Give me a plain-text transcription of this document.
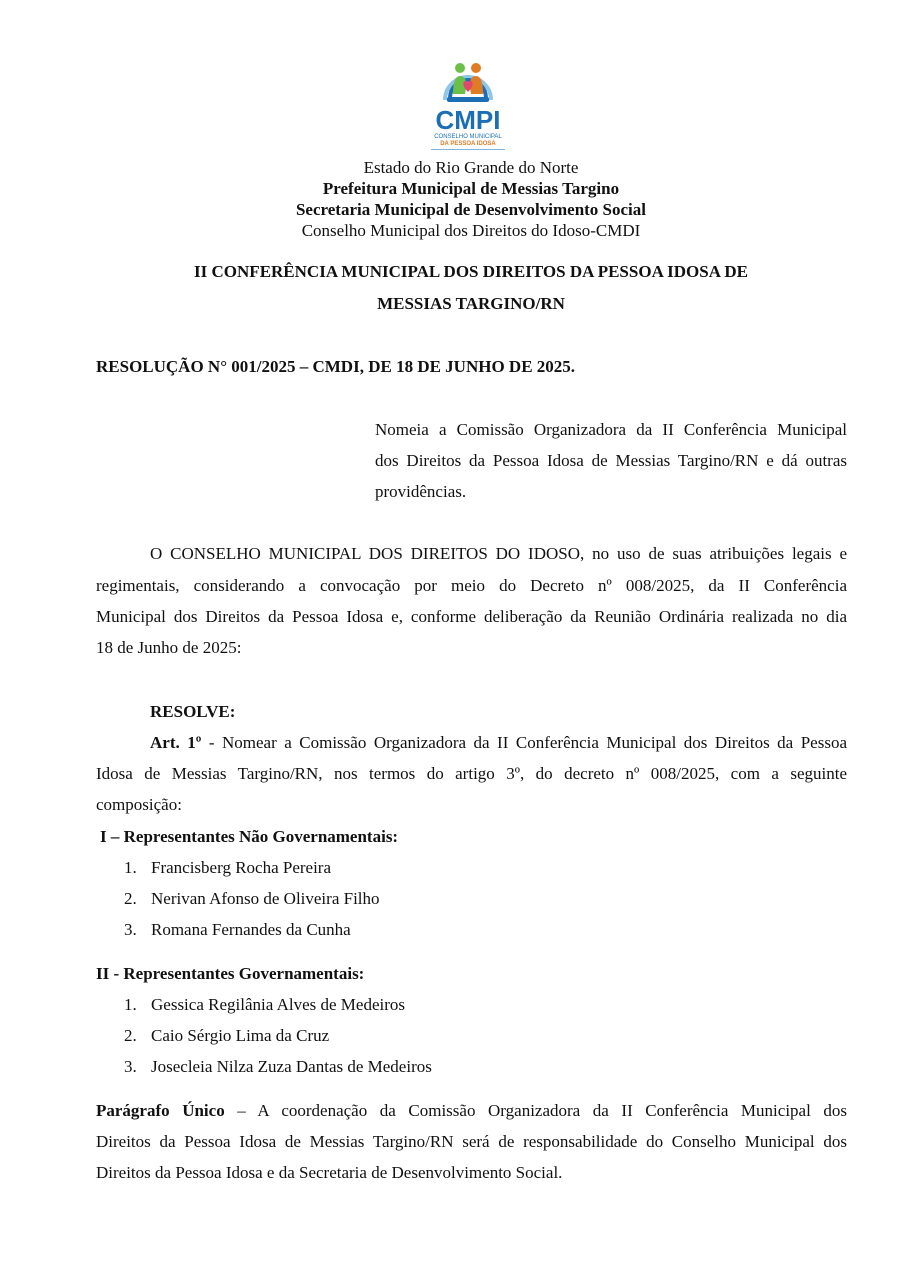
CMPI
CONSELHO MUNICIPAL
DA PESSOA IDOSA
Estado do Rio Grande do Norte
Prefeitura Municipal de Messias Targino
Secretaria Municipal de Desenvolvimento Social
Conselho Municipal dos Direitos do Idoso-CMDI
II CONFERÊNCIA MUNICIPAL DOS DIREITOS DA PESSOA IDOSA DE
MESSIAS TARGINO/RN
RESOLUÇÃO N° 001/2025 – CMDI, DE 18 DE JUNHO DE 2025.
Nomeia a Comissão Organizadora da II Conferência Municipal
dos Direitos da Pessoa Idosa de Messias Targino/RN e dá outras
providências.
O CONSELHO MUNICIPAL DOS DIREITOS DO IDOSO, no uso de suas atribuições legais e
regimentais, considerando a convocação por meio do Decreto nº 008/2025, da II Conferência
Municipal dos Direitos da Pessoa Idosa e, conforme deliberação da Reunião Ordinária realizada no dia
18 de Junho de 2025:
RESOLVE:
Art. 1º - Nomear a Comissão Organizadora da II Conferência Municipal dos Direitos da Pessoa
Idosa de Messias Targino/RN, nos termos do artigo 3º, do decreto nº 008/2025, com a seguinte
composição:
I – Representantes Não Governamentais:
1. Francisberg Rocha Pereira
2. Nerivan Afonso de Oliveira Filho
3. Romana Fernandes da Cunha
II - Representantes Governamentais:
1. Gessica Regilânia Alves de Medeiros
2. Caio Sérgio Lima da Cruz
3. Josecleia Nilza Zuza Dantas de Medeiros
Parágrafo Único – A coordenação da Comissão Organizadora da II Conferência Municipal dos
Direitos da Pessoa Idosa de Messias Targino/RN será de responsabilidade do Conselho Municipal dos
Direitos da Pessoa Idosa e da Secretaria de Desenvolvimento Social.
